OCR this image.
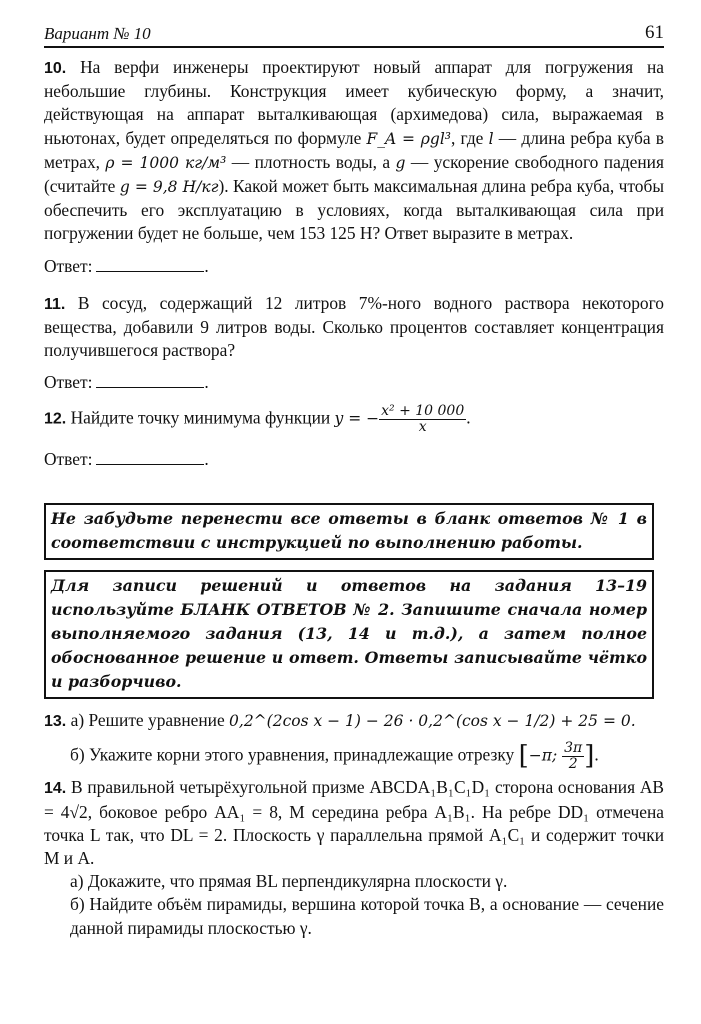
Вариант № 10	61

10. На верфи инженеры проектируют новый аппарат для погружения на небольшие глубины. Конструкция имеет кубическую форму, а значит, действующая на аппарат выталкивающая (архимедова) сила, выражаемая в ньютонах, будет определяться по формуле F_A = ρgl³, где l — длина ребра куба в метрах, ρ = 1000 кг/м³ — плотность воды, а g — ускорение свободного падения (считайте g = 9,8 Н/кг). Какой может быть максимальная длина ребра куба, чтобы обеспечить его эксплуатацию в условиях, когда выталкивающая сила при погружении будет не больше, чем 153 125 Н? Ответ выразите в метрах.

Ответ:	.

11. В сосуд, содержащий 12 литров 7%-ного водного раствора некоторого вещества, добавили 9 литров воды. Сколько процентов составляет концентрация получившегося раствора?

Ответ:	.

12. Найдите точку минимума функции y = − $\frac{\text{x² + 10 000}}{x}$ .

Ответ:	.

Не забудьте перенести все ответы в бланк ответов № 1 в соответствии с инструкцией по выполнению работы.
Для записи решений и ответов на задания 13–19 используйте БЛАНК ОТВЕТОВ № 2. Запишите сначала номер выполняемого задания (13, 14 и т.д.), а затем полное обоснованное решение и ответ. Ответы записывайте чётко и разборчиво.

13. а) Решите уравнение 0,2^(2cos x − 1) − 26 · 0,2^(cos x − 1/2) + 25 = 0.

б) Укажите корни этого уравнения, принадлежащие отрезку [−π; $\frac{3\pi}{2}$ ].

14. В правильной четырёхугольной призме ABCDA₁B₁C₁D₁ сторона основания AB = 4√2, боковое ребро AA₁ = 8, M середина ребра A₁B₁. На ребре DD₁ отмечена точка L так, что DL = 2. Плоскость γ параллельна прямой A₁C₁ и содержит точки M и A.

а) Докажите, что прямая BL перпендикулярна плоскости γ.

б) Найдите объём пирамиды, вершина которой точка B, а основание — сечение данной пирамиды плоскостью γ.
